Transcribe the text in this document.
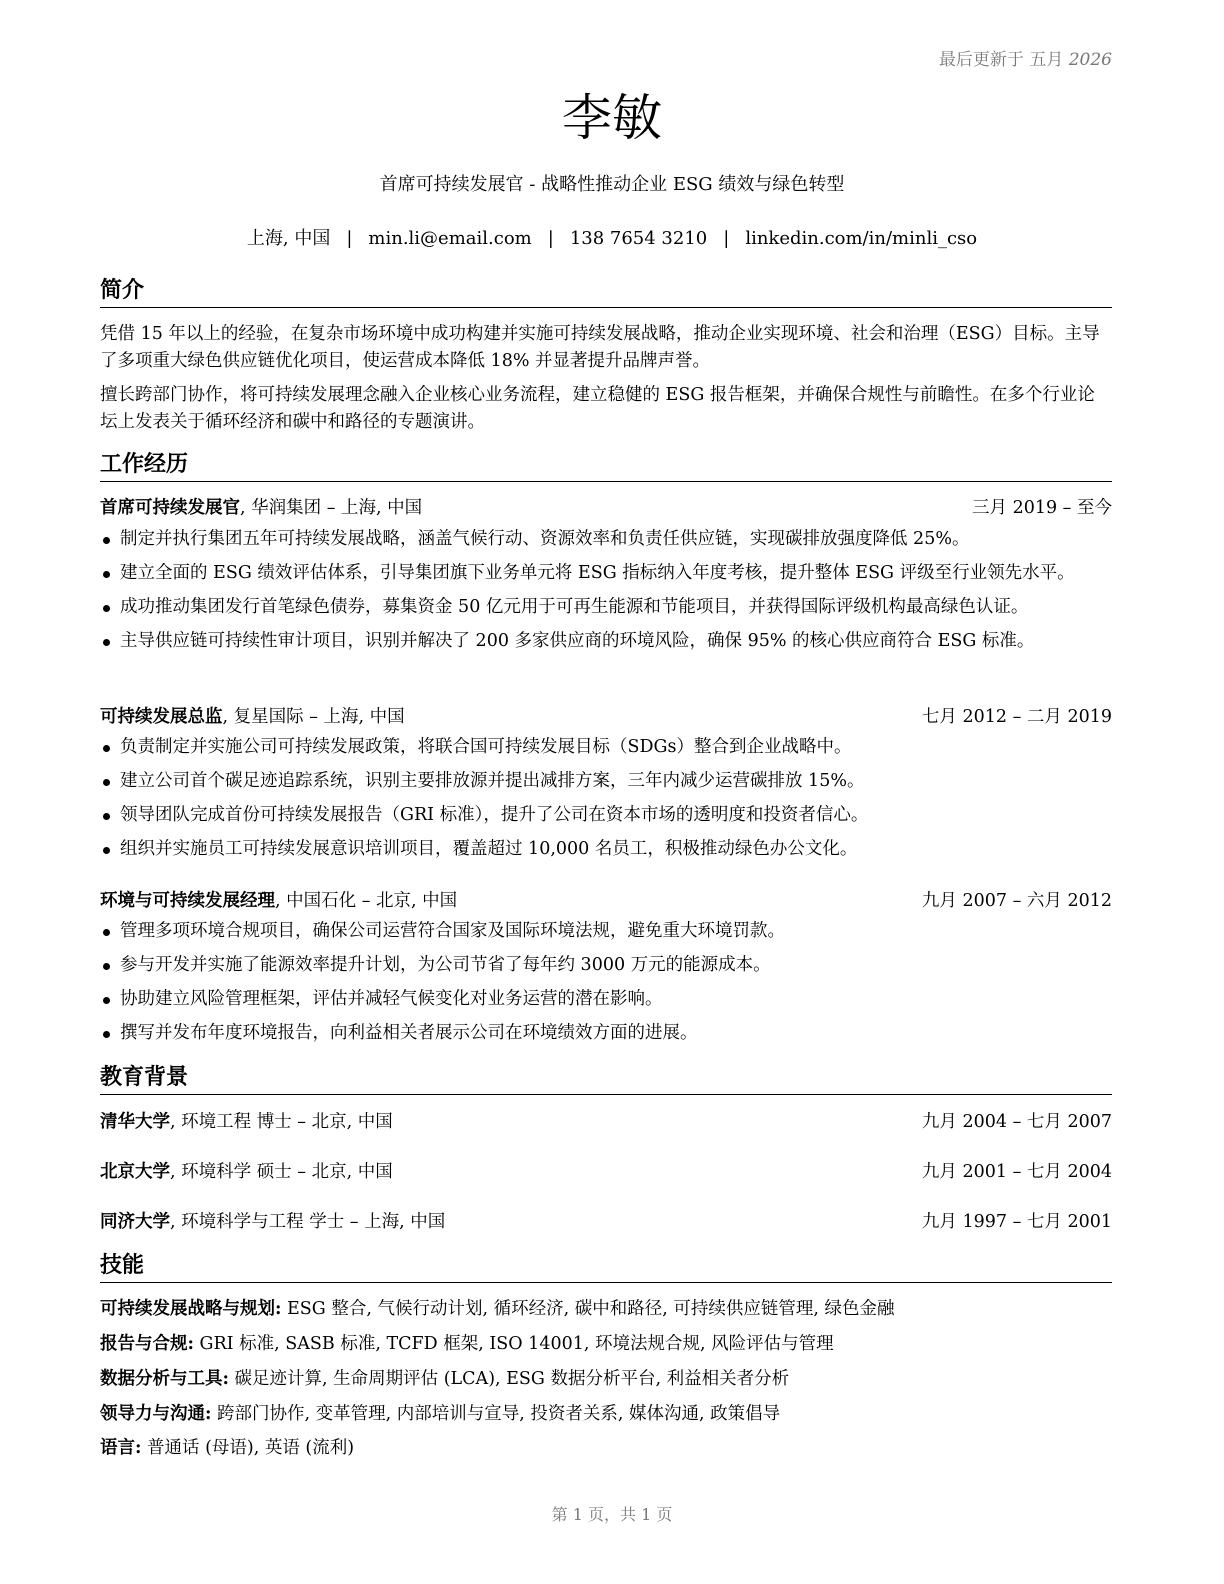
最后更新于 五月 2026
李敏
首席可持续发展官 - 战略性推动企业 ESG 绩效与绿色转型
上海, 中国 | min.li@email.com | 138 7654 3210 | linkedin.com/in/minli_cso
简介
凭借 15 年以上的经验，在复杂市场环境中成功构建并实施可持续发展战略，推动企业实现环境、社会和治理（ESG）目标。主导了多项重大绿色供应链优化项目，使运营成本降低 18% 并显著提升品牌声誉。
擅长跨部门协作，将可持续发展理念融入企业核心业务流程，建立稳健的 ESG 报告框架，并确保合规性与前瞻性。在多个行业论坛上发表关于循环经济和碳中和路径的专题演讲。
工作经历
首席可持续发展官, 华润集团 – 上海, 中国	三月 2019 – 至今
制定并执行集团五年可持续发展战略，涵盖气候行动、资源效率和负责任供应链，实现碳排放强度降低 25%。
建立全面的 ESG 绩效评估体系，引导集团旗下业务单元将 ESG 指标纳入年度考核，提升整体 ESG 评级至行业领先水平。
成功推动集团发行首笔绿色债券，募集资金 50 亿元用于可再生能源和节能项目，并获得国际评级机构最高绿色认证。
主导供应链可持续性审计项目，识别并解决了 200 多家供应商的环境风险，确保 95% 的核心供应商符合 ESG 标准。
可持续发展总监, 复星国际 – 上海, 中国	七月 2012 – 二月 2019
负责制定并实施公司可持续发展政策，将联合国可持续发展目标（SDGs）整合到企业战略中。
建立公司首个碳足迹追踪系统，识别主要排放源并提出减排方案，三年内减少运营碳排放 15%。
领导团队完成首份可持续发展报告（GRI 标准），提升了公司在资本市场的透明度和投资者信心。
组织并实施员工可持续发展意识培训项目，覆盖超过 10,000 名员工，积极推动绿色办公文化。
环境与可持续发展经理, 中国石化 – 北京, 中国	九月 2007 – 六月 2012
管理多项环境合规项目，确保公司运营符合国家及国际环境法规，避免重大环境罚款。
参与开发并实施了能源效率提升计划，为公司节省了每年约 3000 万元的能源成本。
协助建立风险管理框架，评估并减轻气候变化对业务运营的潜在影响。
撰写并发布年度环境报告，向利益相关者展示公司在环境绩效方面的进展。
教育背景
清华大学, 环境工程 博士 – 北京, 中国	九月 2004 – 七月 2007
北京大学, 环境科学 硕士 – 北京, 中国	九月 2001 – 七月 2004
同济大学, 环境科学与工程 学士 – 上海, 中国	九月 1997 – 七月 2001
技能
可持续发展战略与规划: ESG 整合, 气候行动计划, 循环经济, 碳中和路径, 可持续供应链管理, 绿色金融
报告与合规: GRI 标准, SASB 标准, TCFD 框架, ISO 14001, 环境法规合规, 风险评估与管理
数据分析与工具: 碳足迹计算, 生命周期评估 (LCA), ESG 数据分析平台, 利益相关者分析
领导力与沟通: 跨部门协作, 变革管理, 内部培训与宣导, 投资者关系, 媒体沟通, 政策倡导
语言: 普通话 (母语), 英语 (流利)
第 1 页，共 1 页
